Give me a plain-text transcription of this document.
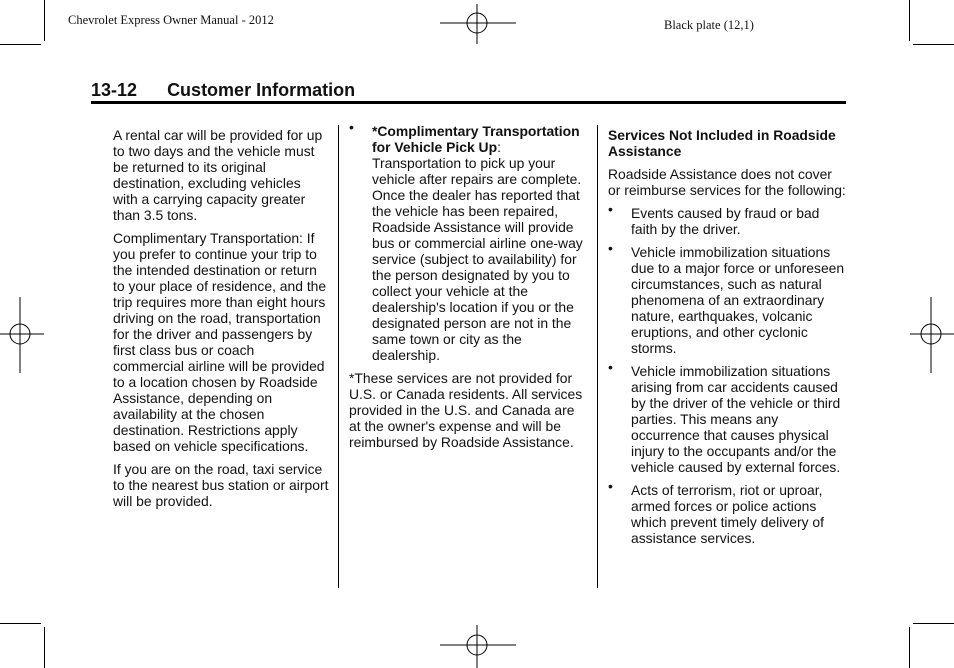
Chevrolet Express Owner Manual - 2012	Black plate (12,1)
13-12 Customer Information

A rental car will be provided for up to two days and the vehicle must be returned to its original destination, excluding vehicles with a carrying capacity greater than 3.5 tons.

Complimentary Transportation: If you prefer to continue your trip to the intended destination or return to your place of residence, and the trip requires more than eight hours driving on the road, transportation for the driver and passengers by first class bus or coach commercial airline will be provided to a location chosen by Roadside Assistance, depending on availability at the chosen destination. Restrictions apply based on vehicle specifications.

If you are on the road, taxi service to the nearest bus station or airport will be provided.

• *Complimentary Transportation for Vehicle Pick Up: Transportation to pick up your vehicle after repairs are complete. Once the dealer has reported that the vehicle has been repaired, Roadside Assistance will provide bus or commercial airline one-way service (subject to availability) for the person designated by you to collect your vehicle at the dealership's location if you or the designated person are not in the same town or city as the dealership.

*These services are not provided for U.S. or Canada residents. All services provided in the U.S. and Canada are at the owner's expense and will be reimbursed by Roadside Assistance.

Services Not Included in Roadside Assistance

Roadside Assistance does not cover or reimburse services for the following:

• Events caused by fraud or bad faith by the driver.
• Vehicle immobilization situations due to a major force or unforeseen circumstances, such as natural phenomena of an extraordinary nature, earthquakes, volcanic eruptions, and other cyclonic storms.
• Vehicle immobilization situations arising from car accidents caused by the driver of the vehicle or third parties. This means any occurrence that causes physical injury to the occupants and/or the vehicle caused by external forces.
• Acts of terrorism, riot or uproar, armed forces or police actions which prevent timely delivery of assistance services.
